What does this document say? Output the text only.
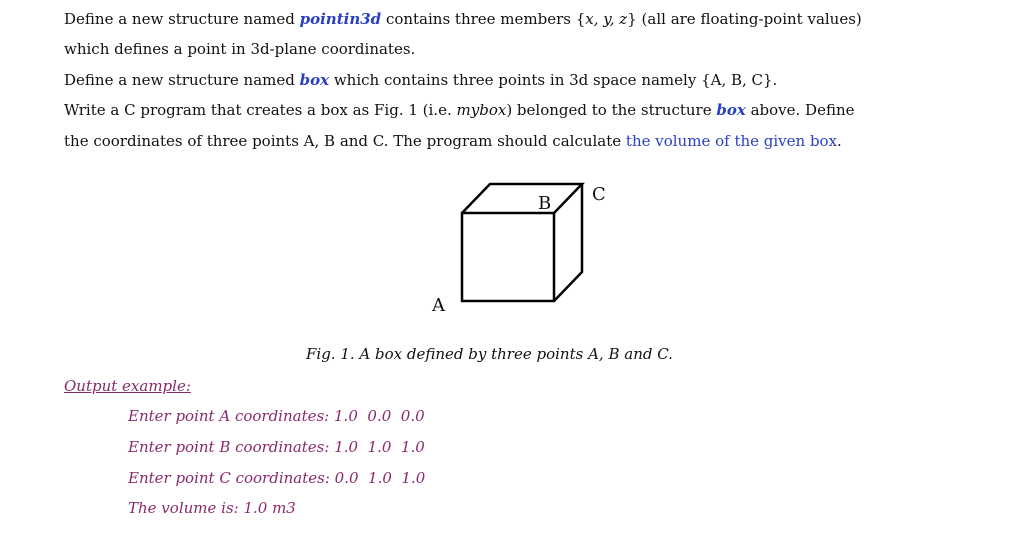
Define a new structure named pointin3d contains three members {x, y, z} (all are floating-point values)
which defines a point in 3d-plane coordinates.
Define a new structure named box which contains three points in 3d space namely {A, B, C}.
Write a C program that creates a box as Fig. 1 (i.e. mybox) belonged to the structure box above. Define
the coordinates of three points A, B and C. The program should calculate the volume of the given box.
A
B C
Fig. 1. A box defined by three points A, B and C.
Output example:
Enter point A coordinates: 1.0  0.0  0.0
Enter point B coordinates: 1.0  1.0  1.0
Enter point C coordinates: 0.0  1.0  1.0
The volume is: 1.0 m3
